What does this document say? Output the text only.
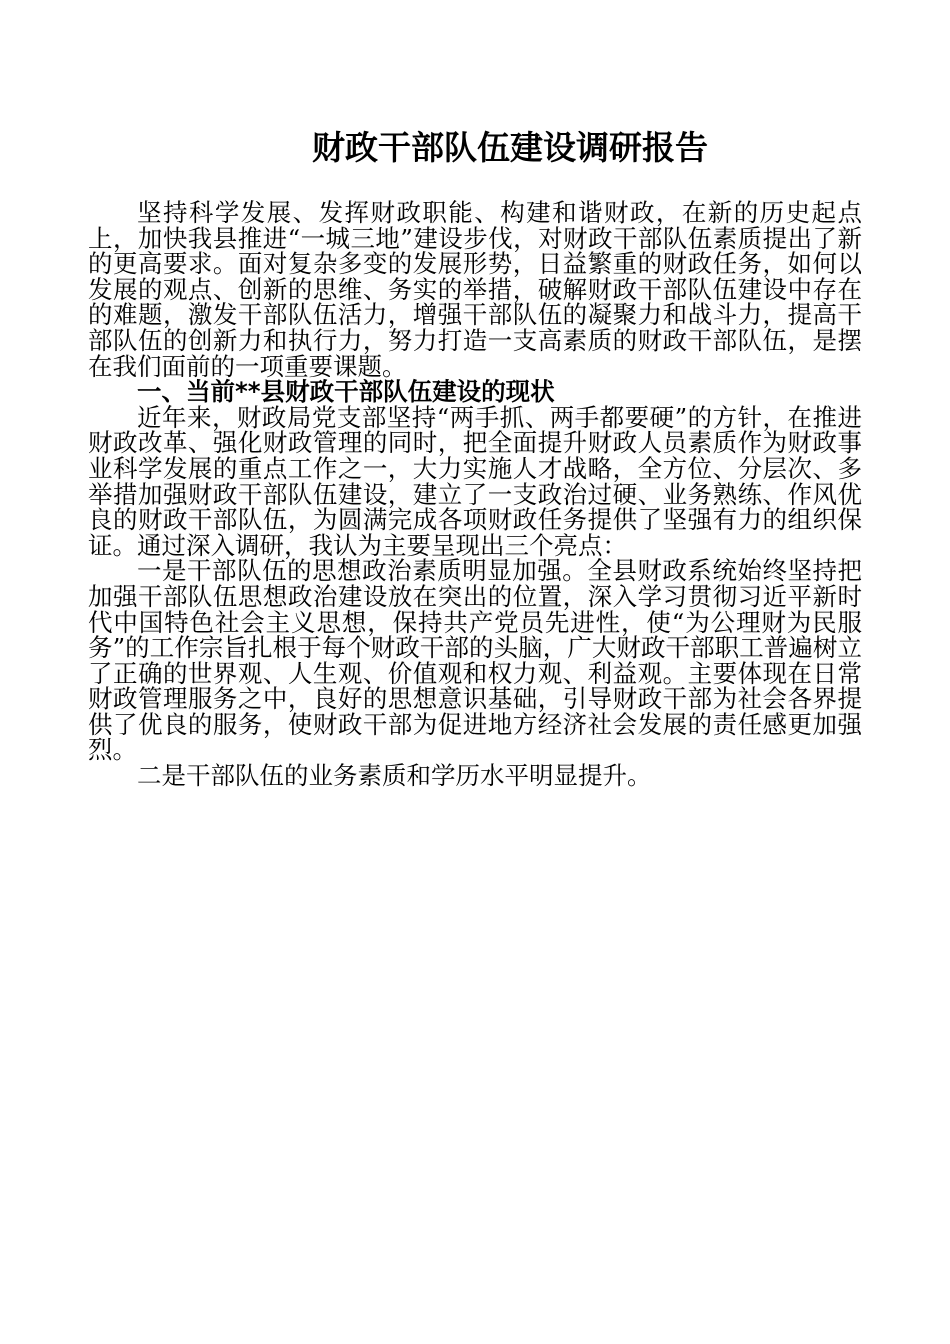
财政干部队伍建设调研报告

坚持科学发展、发挥财政职能、构建和谐财政，在新的历史起点上，加快我县推进“一城三地”建设步伐，对财政干部队伍素质提出了新的更高要求。面对复杂多变的发展形势，日益繁重的财政任务，如何以发展的观点、创新的思维、务实的举措，破解财政干部队伍建设中存在的难题，激发干部队伍活力，增强干部队伍的凝聚力和战斗力，提高干部队伍的创新力和执行力，努力打造一支高素质的财政干部队伍，是摆在我们面前的一项重要课题。

一、当前**县财政干部队伍建设的现状

近年来，财政局党支部坚持“两手抓、两手都要硬”的方针，在推进财政改革、强化财政管理的同时，把全面提升财政人员素质作为财政事业科学发展的重点工作之一，大力实施人才战略，全方位、分层次、多举措加强财政干部队伍建设，建立了一支政治过硬、业务熟练、作风优良的财政干部队伍，为圆满完成各项财政任务提供了坚强有力的组织保证。通过深入调研，我认为主要呈现出三个亮点：

一是干部队伍的思想政治素质明显加强。全县财政系统始终坚持把加强干部队伍思想政治建设放在突出的位置，深入学习贯彻习近平新时代中国特色社会主义思想，保持共产党员先进性，使“为公理财为民服务”的工作宗旨扎根于每个财政干部的头脑，广大财政干部职工普遍树立了正确的世界观、人生观、价值观和权力观、利益观。主要体现在日常财政管理服务之中，良好的思想意识基础，引导财政干部为社会各界提供了优良的服务，使财政干部为促进地方经济社会发展的责任感更加强烈。

二是干部队伍的业务素质和学历水平明显提升。
